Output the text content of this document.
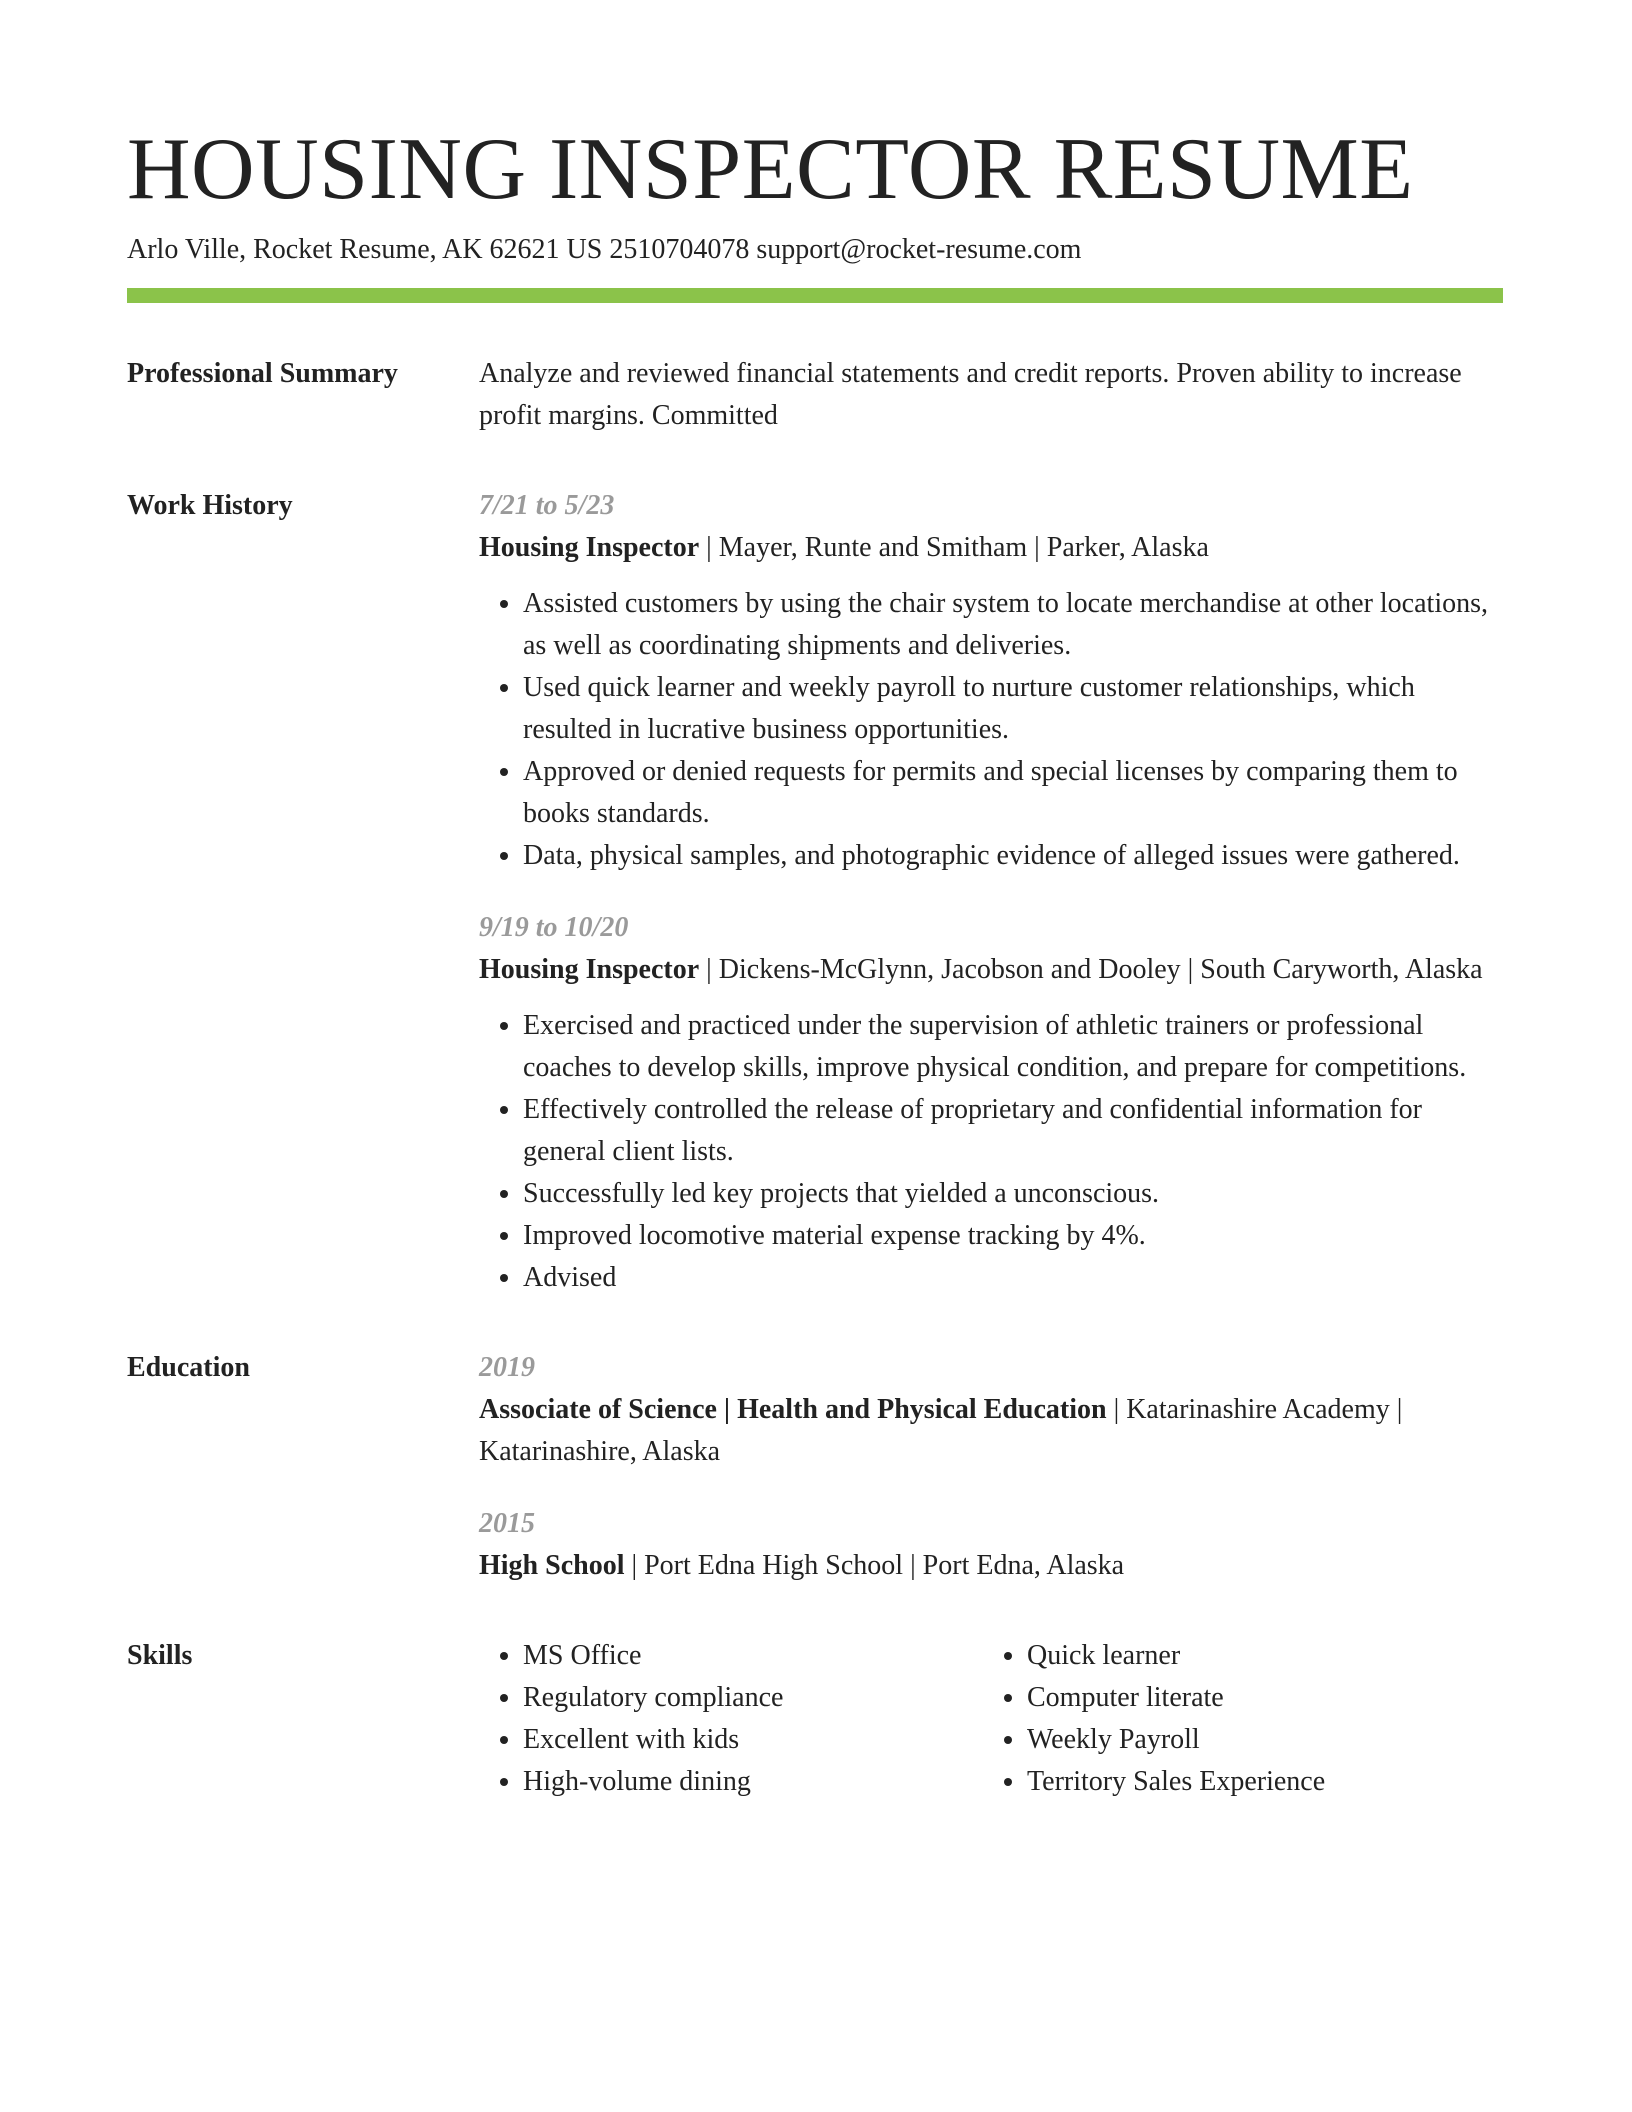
HOUSING INSPECTOR RESUME
Arlo Ville, Rocket Resume, AK 62621 US 2510704078 support@rocket-resume.com
Professional Summary	Analyze and reviewed financial statements and credit reports. Proven ability to increase profit margins. Committed
Work History	7/21 to 5/23
Housing Inspector | Mayer, Runte and Smitham | Parker, Alaska
• Assisted customers by using the chair system to locate merchandise at other locations, as well as coordinating shipments and deliveries.
• Used quick learner and weekly payroll to nurture customer relationships, which resulted in lucrative business opportunities.
• Approved or denied requests for permits and special licenses by comparing them to books standards.
• Data, physical samples, and photographic evidence of alleged issues were gathered.
9/19 to 10/20
Housing Inspector | Dickens-McGlynn, Jacobson and Dooley | South Caryworth, Alaska
• Exercised and practiced under the supervision of athletic trainers or professional coaches to develop skills, improve physical condition, and prepare for competitions.
• Effectively controlled the release of proprietary and confidential information for general client lists.
• Successfully led key projects that yielded a unconscious.
• Improved locomotive material expense tracking by 4%.
• Advised
Education	2019
Associate of Science | Health and Physical Education | Katarinashire Academy | Katarinashire, Alaska
2015
High School | Port Edna High School | Port Edna, Alaska
Skills
•	MS Office
• Regulatory compliance
• Excellent with kids
• High-volume dining
• Quick learner
• Computer literate
• Weekly Payroll
• Territory Sales Experience
